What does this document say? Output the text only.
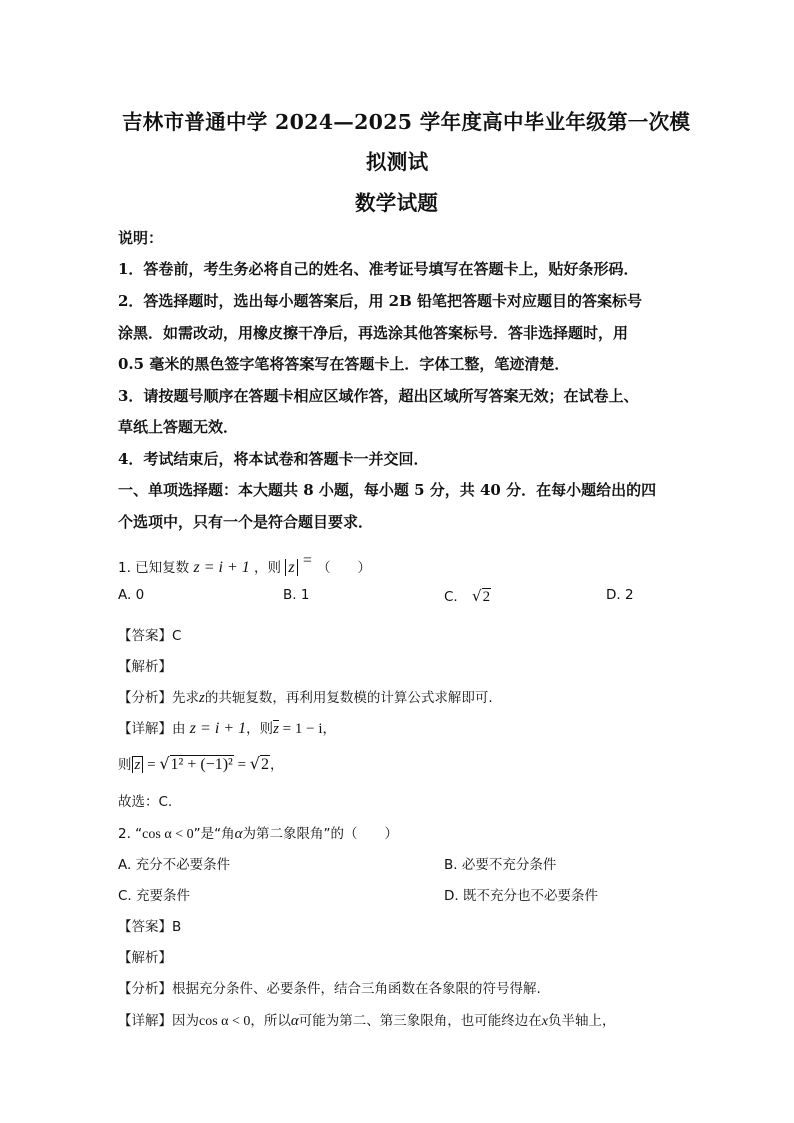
吉林市普通中学 2024—2025 学年度高中毕业年级第一次模
拟测试
数学试题
说明：
1．答卷前，考生务必将自己的姓名、准考证号填写在答题卡上，贴好条形码．
2．答选择题时，选出每小题答案后，用 2B 铅笔把答题卡对应题目的答案标号
涂黑．如需改动，用橡皮擦干净后，再选涂其他答案标号．答非选择题时，用
0.5 毫米的黑色签字笔将答案写在答题卡上．字体工整，笔迹清楚．
3．请按题号顺序在答题卡相应区域作答，超出区域所写答案无效；在试卷上、
草纸上答题无效．
4．考试结束后，将本试卷和答题卡一并交回．
一、单项选择题：本大题共 8 小题，每小题 5 分，共 40 分．在每小题给出的四
个选项中，只有一个是符合题目要求．
1. 已知复数 z = i + 1 ，则 z = （　　）
A. 0	B. 1	C. √2	D. 2
【答案】C
【解析】
【分析】先求z的共轭复数，再利用复数模的计算公式求解即可.
【详解】由 z = i + 1，则z = 1 − i，
则 z = √1² + (−1)² = √2，
故选：C.
2. “cos α < 0”是“角α为第二象限角”的（　　）
A. 充分不必要条件	B. 必要不充分条件
C. 充要条件	D. 既不充分也不必要条件
【答案】B
【解析】
【分析】根据充分条件、必要条件，结合三角函数在各象限的符号得解.
【详解】因为cos α < 0，所以α可能为第二、第三象限角，也可能终边在x负半轴上，
